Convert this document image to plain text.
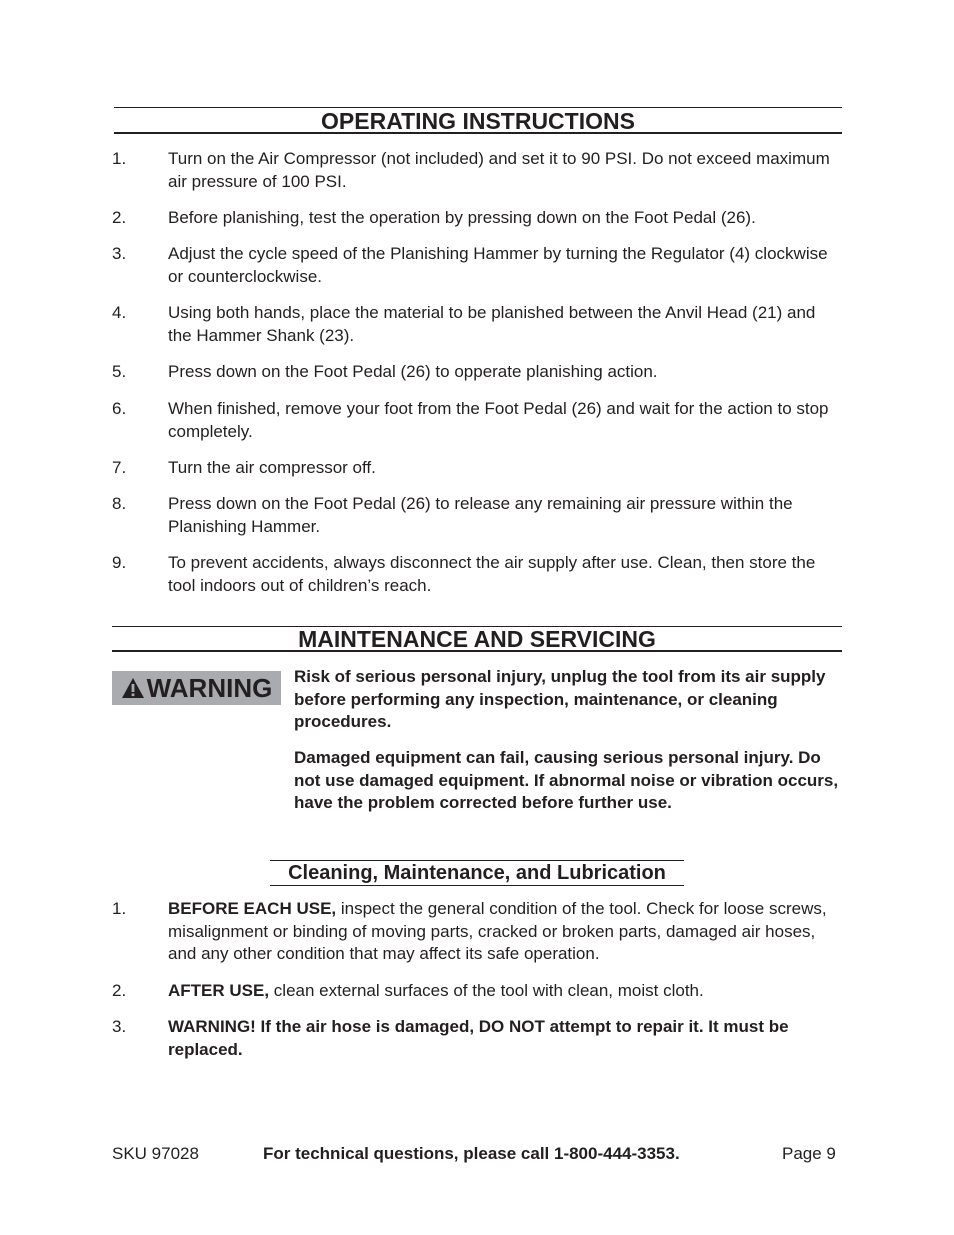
OPERATING INSTRUCTIONS
1. Turn on the Air Compressor (not included) and set it to 90 PSI. Do not exceed maximum air pressure of 100 PSI.
2. Before planishing, test the operation by pressing down on the Foot Pedal (26).
3. Adjust the cycle speed of the Planishing Hammer by turning the Regulator (4) clockwise or counterclockwise.
4. Using both hands, place the material to be planished between the Anvil Head (21) and the Hammer Shank (23).
5. Press down on the Foot Pedal (26) to opperate planishing action.
6. When finished, remove your foot from the Foot Pedal (26) and wait for the action to stop completely.
7. Turn the air compressor off.
8. Press down on the Foot Pedal (26) to release any remaining air pressure within the Planishing Hammer.
9. To prevent accidents, always disconnect the air supply after use. Clean, then store the tool indoors out of children’s reach.
MAINTENANCE AND SERVICING
WARNING Risk of serious personal injury, unplug the tool from its air supply before performing any inspection, maintenance, or cleaning procedures.
Damaged equipment can fail, causing serious personal injury. Do not use damaged equipment. If abnormal noise or vibration occurs, have the problem corrected before further use.
Cleaning, Maintenance, and Lubrication
1. BEFORE EACH USE, inspect the general condition of the tool. Check for loose screws, misalignment or binding of moving parts, cracked or broken parts, damaged air hoses, and any other condition that may affect its safe operation.
2. AFTER USE, clean external surfaces of the tool with clean, moist cloth.
3. WARNING! If the air hose is damaged, DO NOT attempt to repair it. It must be replaced.
SKU 97028	For technical questions, please call 1-800-444-3353.	Page 9
